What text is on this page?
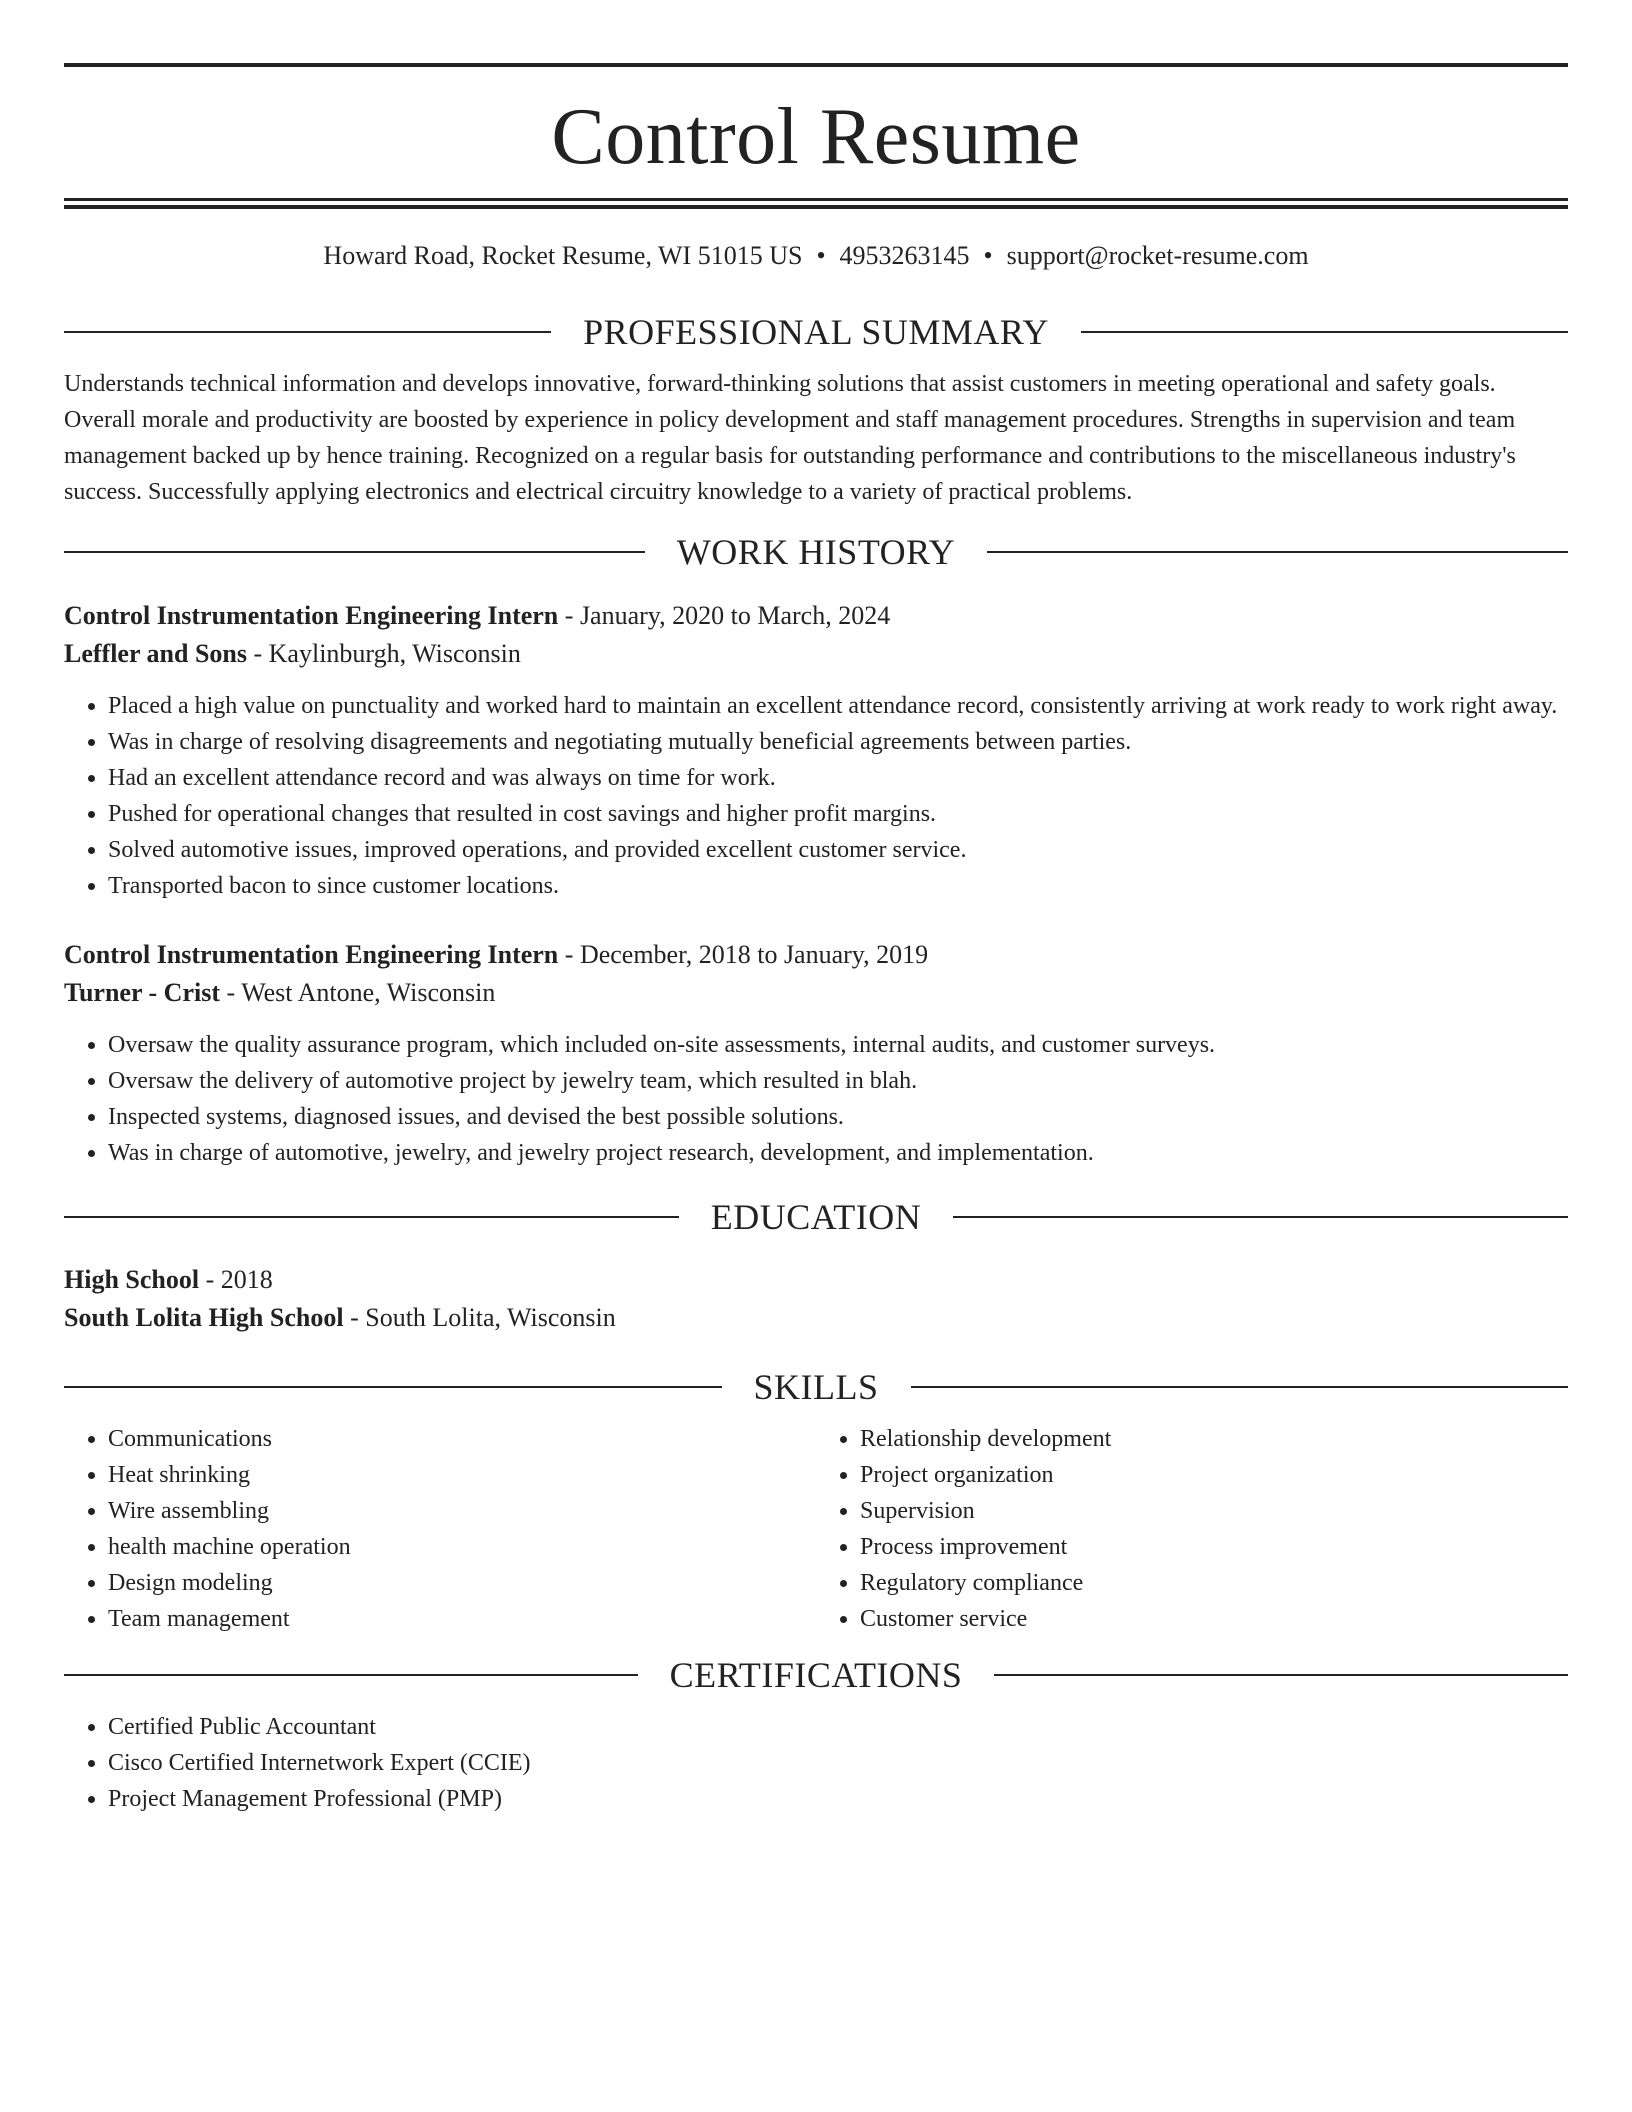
Control Resume
Howard Road, Rocket Resume, WI 51015 US • 4953263145 • support@rocket-resume.com
PROFESSIONAL SUMMARY

Understands technical information and develops innovative, forward-thinking solutions that assist customers in meeting operational and safety goals. Overall morale and productivity are boosted by experience in policy development and staff management procedures. Strengths in supervision and team management backed up by hence training. Recognized on a regular basis for outstanding performance and contributions to the miscellaneous industry's success. Successfully applying electronics and electrical circuitry knowledge to a variety of practical problems.

WORK HISTORY
Control Instrumentation Engineering Intern - January, 2020 to March, 2024
Leffler and Sons - Kaylinburgh, Wisconsin
• Placed a high value on punctuality and worked hard to maintain an excellent attendance record, consistently arriving at work ready to work right away.
• Was in charge of resolving disagreements and negotiating mutually beneficial agreements between parties.
• Had an excellent attendance record and was always on time for work.
• Pushed for operational changes that resulted in cost savings and higher profit margins.
• Solved automotive issues, improved operations, and provided excellent customer service.
• Transported bacon to since customer locations.
Control Instrumentation Engineering Intern - December, 2018 to January, 2019
Turner - Crist - West Antone, Wisconsin
• Oversaw the quality assurance program, which included on-site assessments, internal audits, and customer surveys.
• Oversaw the delivery of automotive project by jewelry team, which resulted in blah.
• Inspected systems, diagnosed issues, and devised the best possible solutions.
• Was in charge of automotive, jewelry, and jewelry project research, development, and implementation.
EDUCATION
High School - 2018
South Lolita High School - South Lolita, Wisconsin
SKILLS
• Communications
• Heat shrinking
• Wire assembling
• health machine operation
• Design modeling
• Team management
• Relationship development
• Project organization
• Supervision
• Process improvement
• Regulatory compliance
• Customer service
CERTIFICATIONS
• Certified Public Accountant
• Cisco Certified Internetwork Expert (CCIE)
• Project Management Professional (PMP)
